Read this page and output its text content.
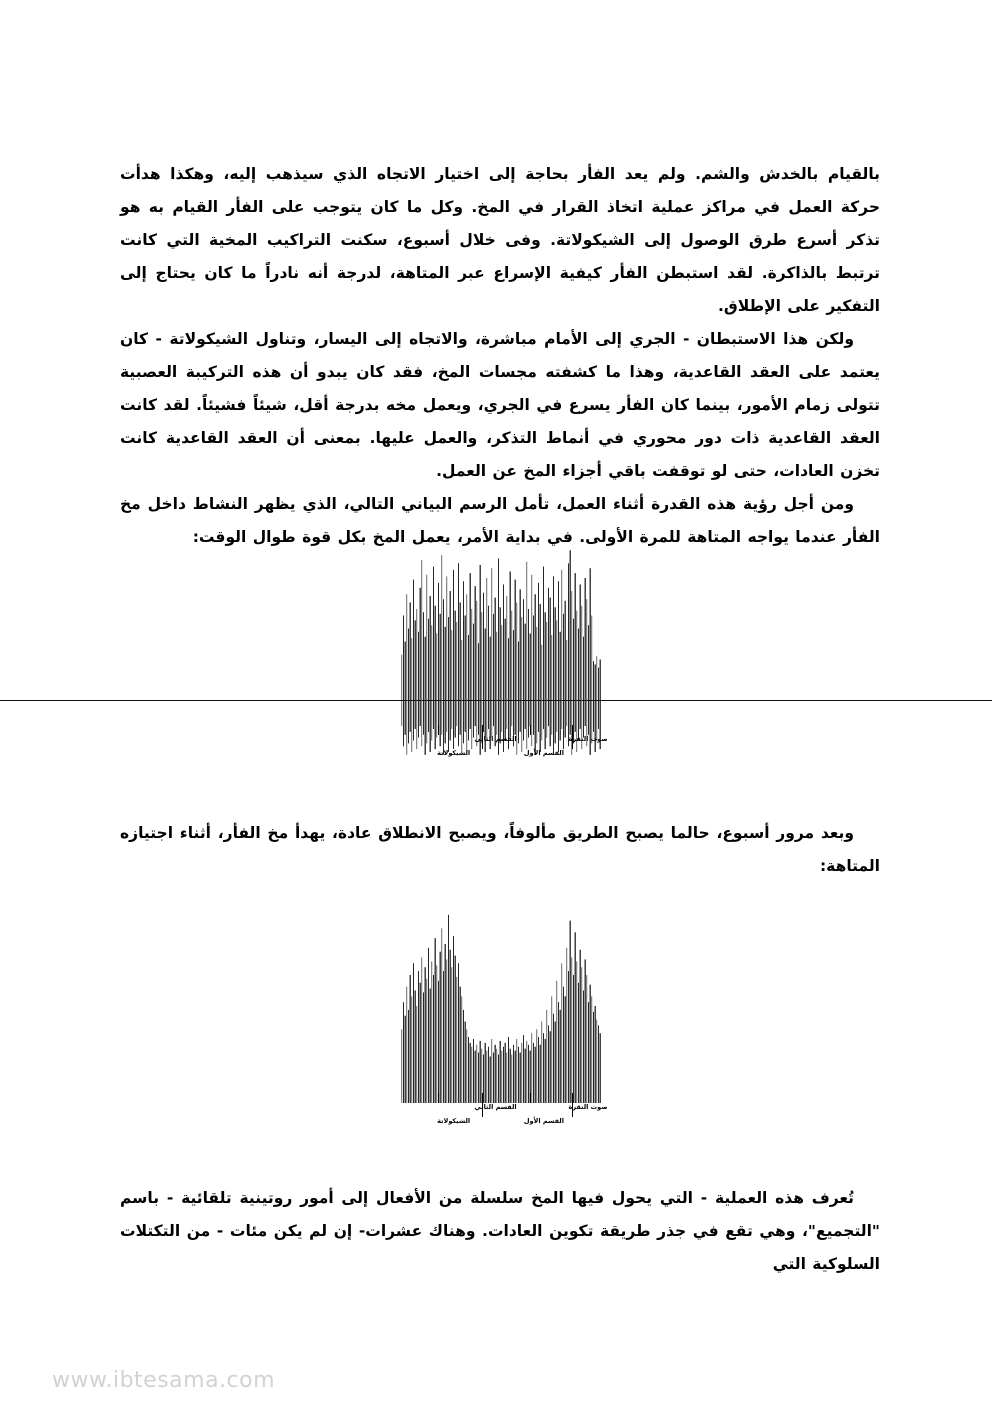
بالقيام بالخدش والشم. ولم يعد الفأر بحاجة إلى اختيار الاتجاه الذي سيذهب إليه، وهكذا هدأت حركة العمل في مراكز عملية اتخاذ القرار في المخ. وكل ما كان يتوجب على الفأر القيام به هو تذكر أسرع طرق الوصول إلى الشيكولاتة. وفى خلال أسبوع، سكنت التراكيب المخية التي كانت ترتبط بالذاكرة. لقد استبطن الفأر كيفية الإسراع عبر المتاهة، لدرجة أنه نادراً ما كان يحتاج إلى التفكير على الإطلاق.

ولكن هذا الاستبطان - الجري إلى الأمام مباشرة، والاتجاه إلى اليسار، وتناول الشيكولاتة - كان يعتمد على العقد القاعدية، وهذا ما كشفته مجسات المخ، فقد كان يبدو أن هذه التركيبة العصبية تتولى زمام الأمور، بينما كان الفأر يسرع في الجري، ويعمل مخه بدرجة أقل، شيئاً فشيئاً. لقد كانت العقد القاعدية ذات دور محوري في أنماط التذكر، والعمل عليها. بمعنى أن العقد القاعدية كانت تخزن العادات، حتى لو توقفت باقي أجزاء المخ عن العمل.

ومن أجل رؤية هذه القدرة أثناء العمل، تأمل الرسم البياني التالي، الذي يظهر النشاط داخل مخ الفأر عندما يواجه المتاهة للمرة الأولى. في بداية الأمر، يعمل المخ بكل قوة طوال الوقت:

صوت النقرة
القسم الثاني
القسم الأول
الشيكولاتة

وبعد مرور أسبوع، حالما يصبح الطريق مألوفاً، ويصبح الانطلاق عادة، يهدأ مخ الفأر، أثناء اجتيازه المتاهة:

صوت النقرة
القسم الثاني
القسم الأول
الشيكولاتة

تُعرف هذه العملية - التي يحول فيها المخ سلسلة من الأفعال إلى أمور روتينية تلقائية - باسم "التجميع"، وهي تقع في جذر طريقة تكوين العادات. وهناك عشرات- إن لم يكن مئات - من التكتلات السلوكية التي

www.ibtesama.com
